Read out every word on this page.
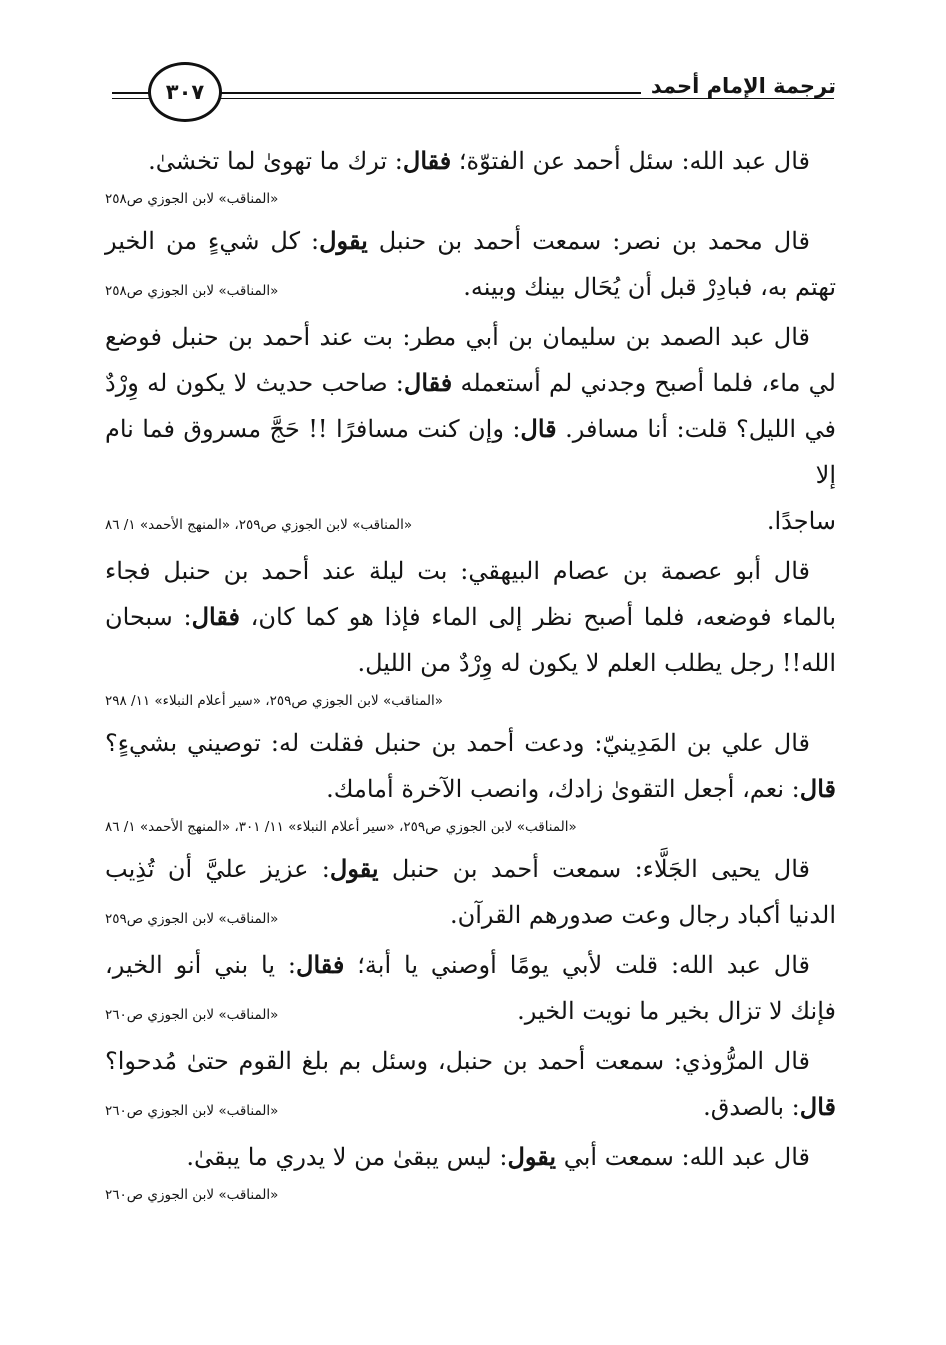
ترجمة الإمام أحمد
٣٠٧
قال عبد الله: سئل أحمد عن الفتوّة؛ فقال: ترك ما تهوىٰ لما تخشىٰ.
«المناقب» لابن الجوزي ص٢٥٨
قال محمد بن نصر: سمعت أحمد بن حنبل يقول: كل شيءٍ من الخير
تهتم به، فبادِرْ قبل أن يُحَال بينك وبينه.
«المناقب» لابن الجوزي ص٢٥٨
قال عبد الصمد بن سليمان بن أبي مطر: بت عند أحمد بن حنبل فوضع
لي ماء، فلما أصبح وجدني لم أستعمله فقال: صاحب حديث لا يكون له وِرْدٌ
في الليل؟ قلت: أنا مسافر. قال: وإن كنت مسافرًا !! حَجَّ مسروق فما نام إلا
ساجدًا.
«المناقب» لابن الجوزي ص٢٥٩، «المنهج الأحمد» ١/ ٨٦
قال أبو عصمة بن عصام البيهقي: بت ليلة عند أحمد بن حنبل فجاء
بالماء فوضعه، فلما أصبح نظر إلى الماء فإذا هو كما كان، فقال: سبحان
الله!! رجل يطلب العلم لا يكون له وِرْدٌ من الليل.
«المناقب» لابن الجوزي ص٢٥٩، «سير أعلام النبلاء» ١١/ ٢٩٨
قال علي بن المَدِينيّ: ودعت أحمد بن حنبل فقلت له: توصيني بشيءٍ؟
قال: نعم، أجعل التقوىٰ زادك، وانصب الآخرة أمامك.
«المناقب» لابن الجوزي ص٢٥٩، «سير أعلام النبلاء» ١١/ ٣٠١، «المنهج الأحمد» ١/ ٨٦
قال يحيى الجَلَّاء: سمعت أحمد بن حنبل يقول: عزيز عليَّ أن تُذِيب
الدنيا أكباد رجال وعت صدورهم القرآن.
«المناقب» لابن الجوزي ص٢٥٩
قال عبد الله: قلت لأبي يومًا أوصني يا أبة؛ فقال: يا بني أنو الخير،
فإنك لا تزال بخير ما نويت الخير.
«المناقب» لابن الجوزي ص٢٦٠
قال المرُّوذي: سمعت أحمد بن حنبل، وسئل بم بلغ القوم حتىٰ مُدحوا؟
قال: بالصدق.
«المناقب» لابن الجوزي ص٢٦٠
قال عبد الله: سمعت أبي يقول: ليس يبقىٰ من لا يدري ما يبقىٰ.
«المناقب» لابن الجوزي ص٢٦٠
